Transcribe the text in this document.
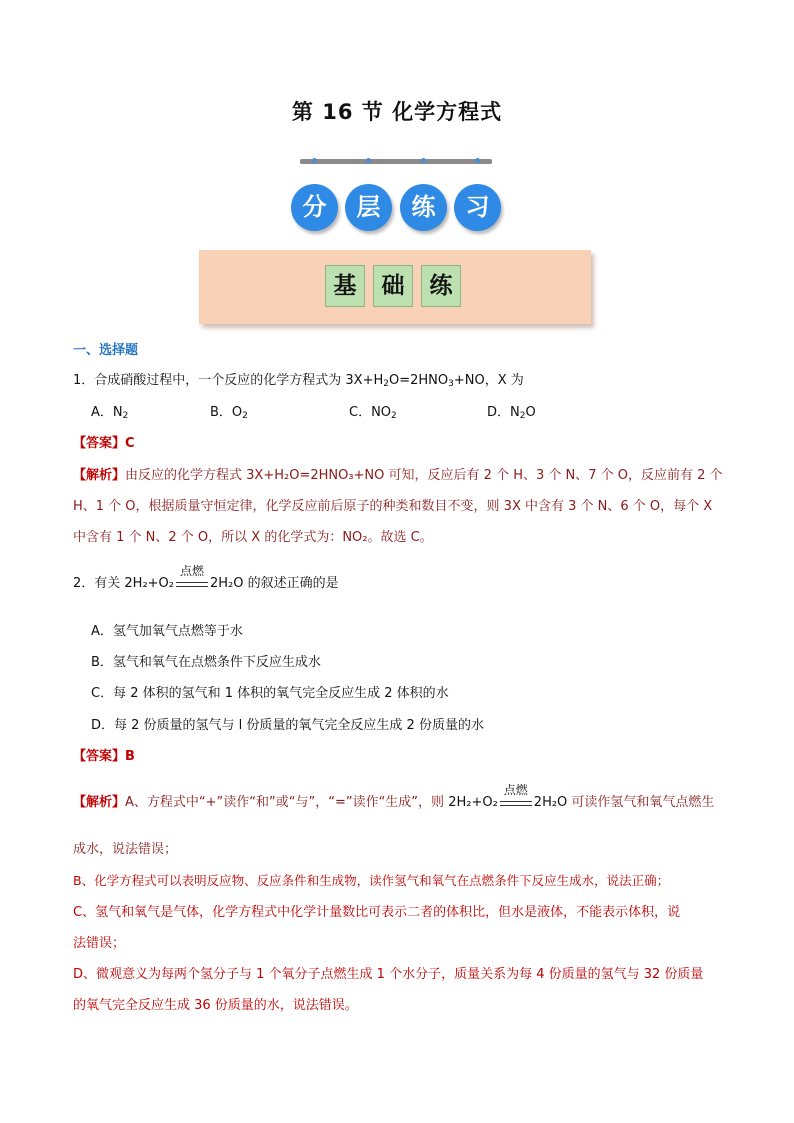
第 16 节 化学方程式
分	层	练	习
基	础	练
一、选择题
1．合成硝酸过程中，一个反应的化学方程式为 $3X+H_2O=2HNO_3+NO$，X 为
A．$N_2$	B．$O_2$	C．$NO_2$	D．$N_2O$
【答案】C
【解析】由反应的化学方程式 3X+H₂O=2HNO₃+NO 可知，反应后有 2 个 H、3 个 N、7 个 O，反应前有 2 个
H、1 个 O，根据质量守恒定律，化学反应前后原子的种类和数目不变，则 3X 中含有 3 个 N、6 个 O，每个 X
中含有 1 个 N、2 个 O，所以 X 的化学式为：NO₂。故选 C。
2．有关 2H₂+O₂
点燃
2H₂O 的叙述正确的是
A．氢气加氧气点燃等于水
B．氢气和氧气在点燃条件下反应生成水
C．每 2 体积的氢气和 1 体积的氧气完全反应生成 2 体积的水
D．每 2 份质量的氢气与 l 份质量的氧气完全反应生成 2 份质量的水
【答案】B
【解析】A、方程式中“+”读作“和”或“与”，“=”读作“生成”，则 2H₂+O₂
点燃
2H₂O 可读作氢气和氧气点燃生
成水，说法错误；
B、化学方程式可以表明反应物、反应条件和生成物，读作氢气和氧气在点燃条件下反应生成水，说法正确；
C、氢气和氧气是气体，化学方程式中化学计量数比可表示二者的体积比，但水是液体，不能表示体积，说
法错误；
D、微观意义为每两个氢分子与 1 个氧分子点燃生成 1 个水分子，质量关系为每 4 份质量的氢气与 32 份质量
的氧气完全反应生成 36 份质量的水，说法错误。
